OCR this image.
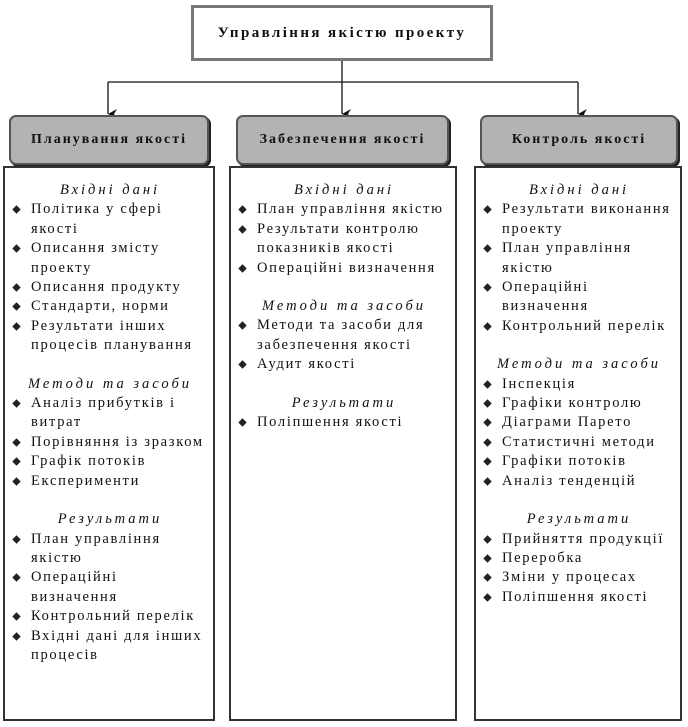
Управління якістю проекту
Планування якості

Вхідні дані

Політика у сфері якості
Описання змісту проекту
Описання продукту
Стандарти, норми
Результати інших процесів планування

Методи та засоби

Аналіз прибутків і витрат
Порівняння із зразком
Графік потоків
Експерименти

Результати

План управління якістю
Операційні визначення
Контрольний перелік
Вхідні дані для інших процесів
Забезпечення якості

Вхідні дані

План управління якістю
Результати контролю показників якості
Операційні визначення

Методи та засоби

Методи та засоби для забезпечення якості
Аудит якості

Результати

Поліпшення якості
Контроль якості

Вхідні дані

Результати виконання проекту
План управління якістю
Операційні визначення
Контрольний перелік

Методи та засоби

Інспекція
Графіки контролю
Діаграми Парето
Статистичні методи
Графіки потоків
Аналіз тенденцій

Результати

Прийняття продукції
Переробка
Зміни у процесах
Поліпшення якості
